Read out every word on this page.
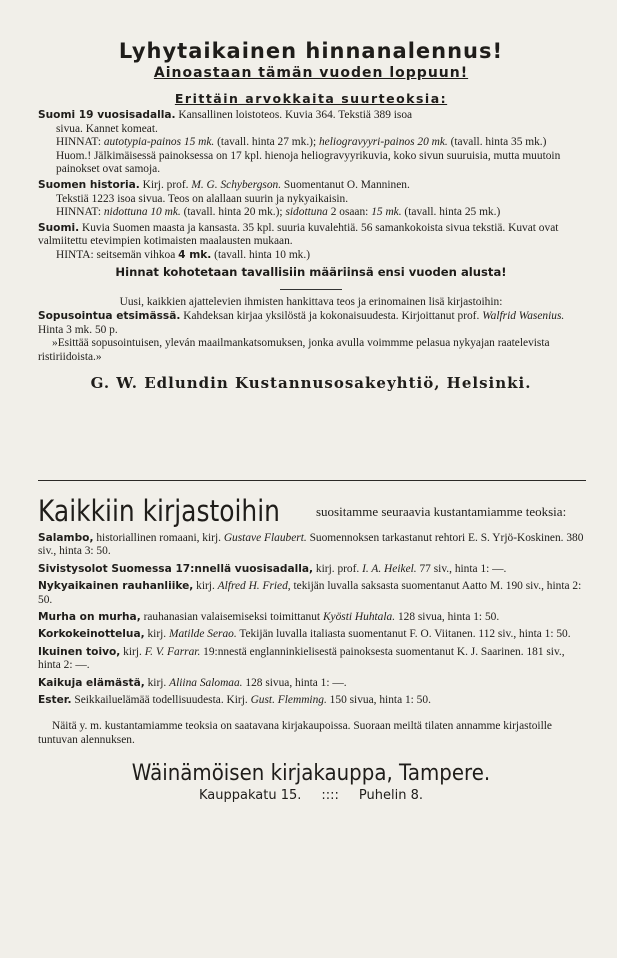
Lyhytaikainen hinnanalennus!
Ainoastaan tämän vuoden loppuun!
Erittäin arvokkaita suurteoksia:
Suomi 19 vuosisadalla. Kansallinen loistoteos. Kuvia 364. Tekstiä 389 isoa
sivua. Kannet komeat.
HINNAT: autotypia-painos 15 mk. (tavall. hinta 27 mk.); heliogravyyri-painos 20 mk. (tavall. hinta 35 mk.) Huom.! Jälkimäisessä painoksessa on 17 kpl. hienoja heliogravyyrikuvia, koko sivun suuruisia, mutta muutoin painokset ovat samoja.
Suomen historia. Kirj. prof. M. G. Schybergson. Suomentanut O. Manninen.
Tekstiä 1223 isoa sivua. Teos on alallaan suurin ja nykyaikaisin.
HINNAT: nidottuna 10 mk. (tavall. hinta 20 mk.); sidottuna 2 osaan: 15 mk. (tavall. hinta 25 mk.)
Suomi. Kuvia Suomen maasta ja kansasta. 35 kpl. suuria kuvalehtiä. 56 samankokoista sivua tekstiä. Kuvat ovat valmiitettu etevimpien kotimaisten maalausten mukaan.
HINTA: seitsemän vihkoa 4 mk. (tavall. hinta 10 mk.)
Hinnat kohotetaan tavallisiin määriinsä ensi vuoden alusta!
Uusi, kaikkien ajattelevien ihmisten hankittava teos ja erinomainen lisä kirjastoihin:
Sopusointua etsimässä. Kahdeksan kirjaa yksilöstä ja kokonaisuudesta. Kirjoittanut prof. Walfrid Wasenius. Hinta 3 mk. 50 p.
»Esittää sopusointuisen, yleván maailmankatsomuksen, jonka avulla voimmme pelasua nykyajan raatelevista ristiriidoista.»
G. W. Edlundin Kustannusosakeyhtiö, Helsinki.
Kaikkiin kirjastoihin	suositamme seuraavia kustantamiamme teoksia:
Salambo, historiallinen romaani, kirj. Gustave Flaubert. Suomennoksen tarkastanut rehtori E. S. Yrjö-Koskinen. 380 siv., hinta 3: 50.
Sivistysolot Suomessa 17:nnellä vuosisadalla, kirj. prof. I. A. Heikel. 77 siv., hinta 1: —.
Nykyaikainen rauhanliike, kirj. Alfred H. Fried, tekijän luvalla saksasta suomentanut Aatto M. 190 siv., hinta 2: 50.
Murha on murha, rauhanasian valaisemiseksi toimittanut Kyösti Huhtala. 128 sivua, hinta 1: 50.
Korkokeinottelua, kirj. Matilde Serao. Tekijän luvalla italiasta suomentanut F. O. Viitanen. 112 siv., hinta 1: 50.
Ikuinen toivo, kirj. F. V. Farrar. 19:nnestä englanninkielisestä painoksesta suomentanut K. J. Saarinen. 181 siv., hinta 2: —.
Kaikuja elämästä, kirj. Aliina Salomaa. 128 sivua, hinta 1: —.
Ester. Seikkailuelämää todellisuudesta. Kirj. Gust. Flemming. 150 sivua, hinta 1: 50.
Näitä y. m. kustantamiamme teoksia on saatavana kirjakaupoissa. Suoraan meiltä tilaten annamme kirjastoille tuntuvan alennuksen.
Wäinämöisen kirjakauppa, Tampere.
Kauppakatu 15. :::: Puhelin 8.
